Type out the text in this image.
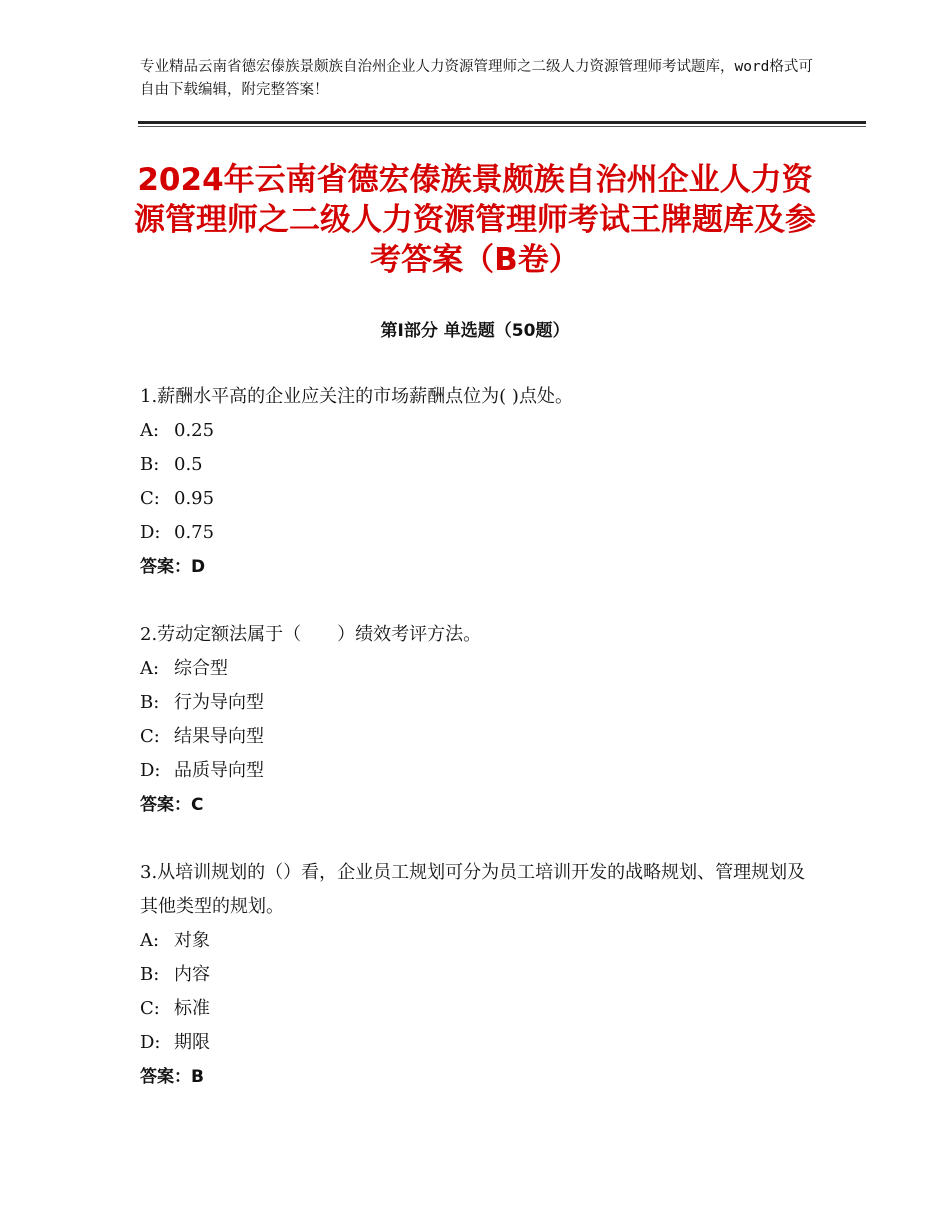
专业精品云南省德宏傣族景颇族自治州企业人力资源管理师之二级人力资源管理师考试题库，word格式可自由下载编辑，附完整答案！
2024年云南省德宏傣族景颇族自治州企业人力资源管理师之二级人力资源管理师考试王牌题库及参考答案（B卷）
第Ⅰ部分 单选题（50题）
1.薪酬水平高的企业应关注的市场薪酬点位为( )点处。
A: 0.25
B: 0.5
C: 0.95
D: 0.75
答案：D
2.劳动定额法属于（　　）绩效考评方法。
A: 综合型
B: 行为导向型
C: 结果导向型
D: 品质导向型
答案：C
3.从培训规划的（）看，企业员工规划可分为员工培训开发的战略规划、管理规划及其他类型的规划。
A: 对象
B: 内容
C: 标准
D: 期限
答案：B
